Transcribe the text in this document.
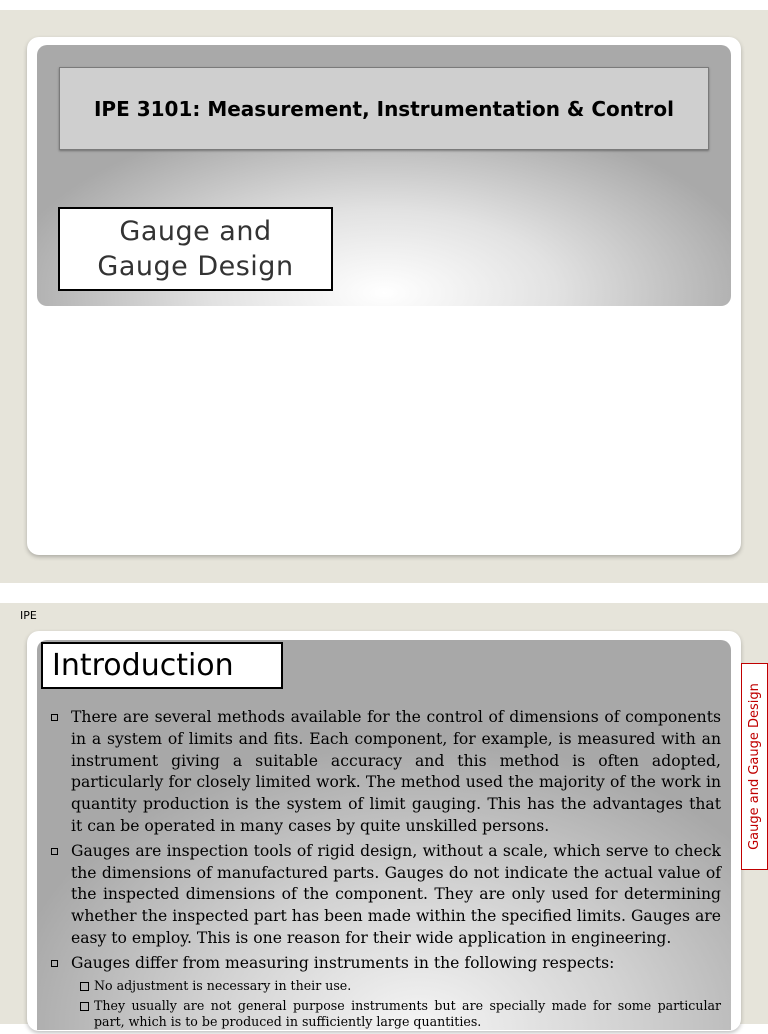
IPE 3101: Measurement, Instrumentation & Control
Gauge and
Gauge Design
IPE
Introduction
Gauge and Gauge Design
There are several methods available for the control of dimensions of components in a system of limits and fits. Each component, for example, is measured with an instrument giving a suitable accuracy and this method is often adopted, particularly for closely limited work. The method used the majority of the work in quantity production is the system of limit gauging. This has the advantages that it can be operated in many cases by quite unskilled persons.
Gauges are inspection tools of rigid design, without a scale, which serve to check the dimensions of manufactured parts. Gauges do not indicate the actual value of the inspected dimensions of the component. They are only used for determining whether the inspected part has been made within the specified limits. Gauges are easy to employ. This is one reason for their wide application in engineering.
Gauges differ from measuring instruments in the following respects:
No adjustment is necessary in their use.
They usually are not general purpose instruments but are specially made for some particular part, which is to be produced in sufficiently large quantities.
